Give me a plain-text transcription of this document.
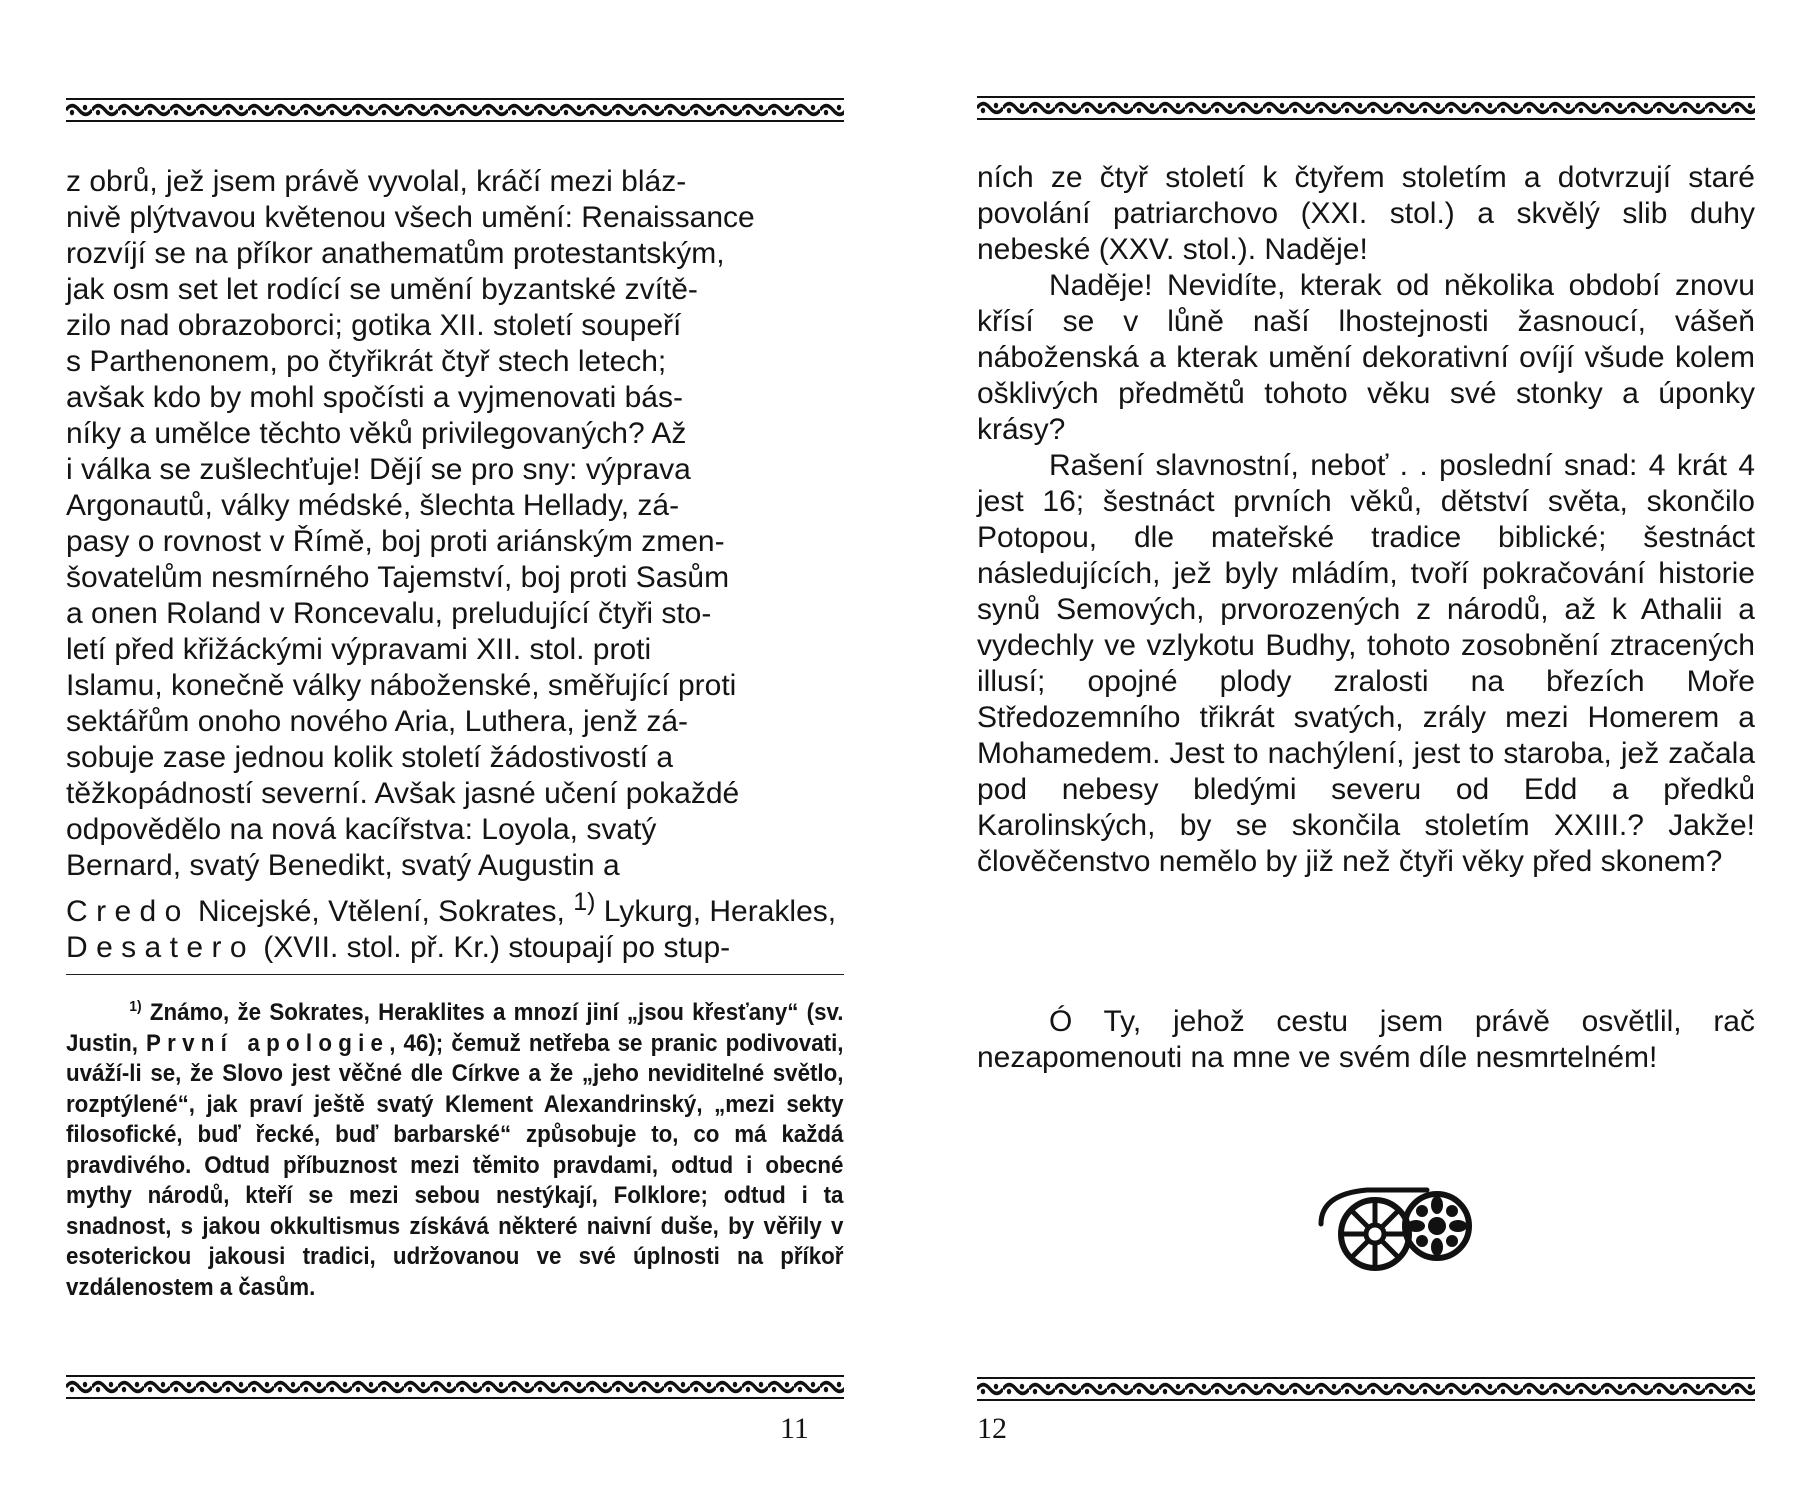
z obrů, jež jsem právě vyvolal, kráčí mezi bláz-

nivě plýtvavou květenou všech umění: Renaissance

rozvíjí se na příkor anathematům protestantským,

jak osm set let rodící se umění byzantské zvítě-

zilo nad obrazoborci; gotika XII. století soupeří

s Parthenonem, po čtyřikrát čtyř stech letech;

avšak kdo by mohl spočísti a vyjmenovati bás-

níky a umělce těchto věků privilegovaných? Až

i válka se zušlechťuje! Dějí se pro sny: výprava

Argonautů, války médské, šlechta Hellady, zá-

pasy o rovnost v Římě, boj proti ariánským zmen-

šovatelům nesmírného Tajemství, boj proti Sasům

a onen Roland v Roncevalu, preludující čtyři sto-

letí před křižáckými výpravami XII. stol. proti

Islamu, konečně války náboženské, směřující proti

sektářům onoho nového Aria, Luthera, jenž zá-

sobuje zase jednou kolik století žádostivostí a

těžkopádností severní. Avšak jasné učení pokaždé

odpovědělo na nová kacířstva: Loyola, svatý

Bernard, svatý Benedikt, svatý Augustin a

Credo Nicejské, Vtělení, Sokrates, $^{1)}$ Lykurg, Herakles,

Desatero (XVII. stol. př. Kr.) stoupají po stup-

$^{1)}$ Známo, že Sokrates, Heraklites a mnozí jiní „jsou křesťany“ (sv. Justin, První apologie, 46); čemuž netřeba se pranic podivovati, uváží-li se, že Slovo jest věčné dle Církve a že „jeho neviditelné světlo, rozptýlené“, jak praví ještě svatý Klement Alexandrinský, „mezi sekty filosofické, buď řecké, buď barbarské“ způsobuje to, co má každá pravdivého. Odtud příbuznost mezi těmito pravdami, odtud i obecné mythy národů, kteří se mezi sebou nestýkají, Folklore; odtud i ta snadnost, s jakou okkultismus získává některé naivní duše, by věřily v esoterickou jakousi tradici, udržovanou ve své úplnosti na příkoř vzdálenostem a časům.

11

ních ze čtyř století k čtyřem stoletím a dotvrzují staré povolání patriarchovo (XXI. stol.) a skvělý slib duhy nebeské (XXV. stol.). Naděje!

Naděje! Nevidíte, kterak od několika období znovu křísí se v lůně naší lhostejnosti žasnoucí, vášeň náboženská a kterak umění dekorativní ovíjí všude kolem ošklivých předmětů tohoto věku své stonky a úponky krásy?

Rašení slavnostní, neboť . . poslední snad: 4 krát 4 jest 16; šestnáct prvních věků, dětství světa, skončilo Potopou, dle mateřské tradice biblické; šestnáct následujících, jež byly mládím, tvoří pokračování historie synů Semových, prvorozených z národů, až k Athalii a vydechly ve vzlykotu Budhy, tohoto zosobnění ztracených illusí; opojné plody zralosti na březích Moře Středozemního třikrát svatých, zrály mezi Homerem a Mohamedem. Jest to nachýlení, jest to staroba, jež začala pod nebesy bledými severu od Edd a předků Karolinských, by se skončila stoletím XXIII.? Jakže! člověčenstvo nemělo by již než čtyři věky před skonem?

Ó Ty, jehož cestu jsem právě osvětlil, rač nezapomenouti na mne ve svém díle nesmrtelném!

12
